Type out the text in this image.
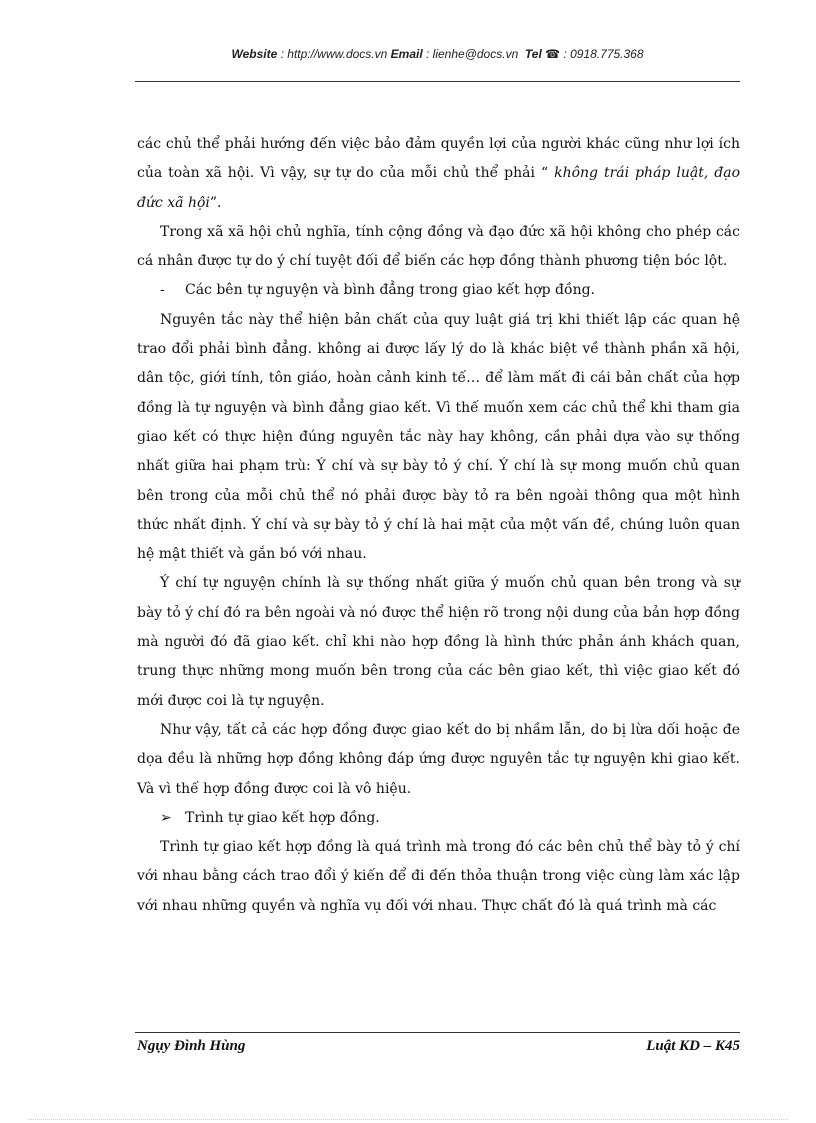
Website : http://www.docs.vn Email : lienhe@docs.vn Tel ☎ : 0918.775.368

các chủ thể phải hướng đến việc bảo đảm quyền lợi của người khác cũng như lợi ích của toàn xã hội. Vì vậy, sự tự do của mỗi chủ thể phải “ không trái pháp luật, đạo đức xã hội”.

Trong xã xã hội chủ nghĩa, tính cộng đồng và đạo đức xã hội không cho phép các cá nhân được tự do ý chí tuyệt đối để biến các hợp đồng thành phương tiện bóc lột.

- Các bên tự nguyện và bình đẳng trong giao kết hợp đồng.

Nguyên tắc này thể hiện bản chất của quy luật giá trị khi thiết lập các quan hệ trao đổi phải bình đẳng. không ai được lấy lý do là khác biệt về thành phần xã hội, dân tộc, giới tính, tôn giáo, hoàn cảnh kinh tế… để làm mất đi cái bản chất của hợp đồng là tự nguyện và bình đẳng giao kết. Vì thế muốn xem các chủ thể khi tham gia giao kết có thực hiện đúng nguyên tắc này hay không, cần phải dựa vào sự thống nhất giữa hai phạm trù: Ý chí và sự bày tỏ ý chí. Ý chí là sự mong muốn chủ quan bên trong của mỗi chủ thể nó phải được bày tỏ ra bên ngoài thông qua một hình thức nhất định. Ý chí và sự bày tỏ ý chí là hai mặt của một vấn đề, chúng luôn quan hệ mật thiết và gắn bó với nhau.

Ý chí tự nguyện chính là sự thống nhất giữa ý muốn chủ quan bên trong và sự bày tỏ ý chí đó ra bên ngoài và nó được thể hiện rõ trong nội dung của bản hợp đồng mà người đó đã giao kết. chỉ khi nào hợp đồng là hình thức phản ánh khách quan, trung thực những mong muốn bên trong của các bên giao kết, thì việc giao kết đó mới được coi là tự nguyện.

Như vậy, tất cả các hợp đồng được giao kết do bị nhầm lẫn, do bị lừa dối hoặc đe dọa đều là những hợp đồng không đáp ứng được nguyên tắc tự nguyện khi giao kết. Và vì thế hợp đồng được coi là vô hiệu.

➢ Trình tự giao kết hợp đồng.

Trình tự giao kết hợp đồng là quá trình mà trong đó các bên chủ thể bày tỏ ý chí với nhau bằng cách trao đổi ý kiến để đi đến thỏa thuận trong việc cùng làm xác lập với nhau những quyền và nghĩa vụ đối với nhau. Thực chất đó là quá trình mà các

Ngụy Đình Hùng	Luật KD – K45
